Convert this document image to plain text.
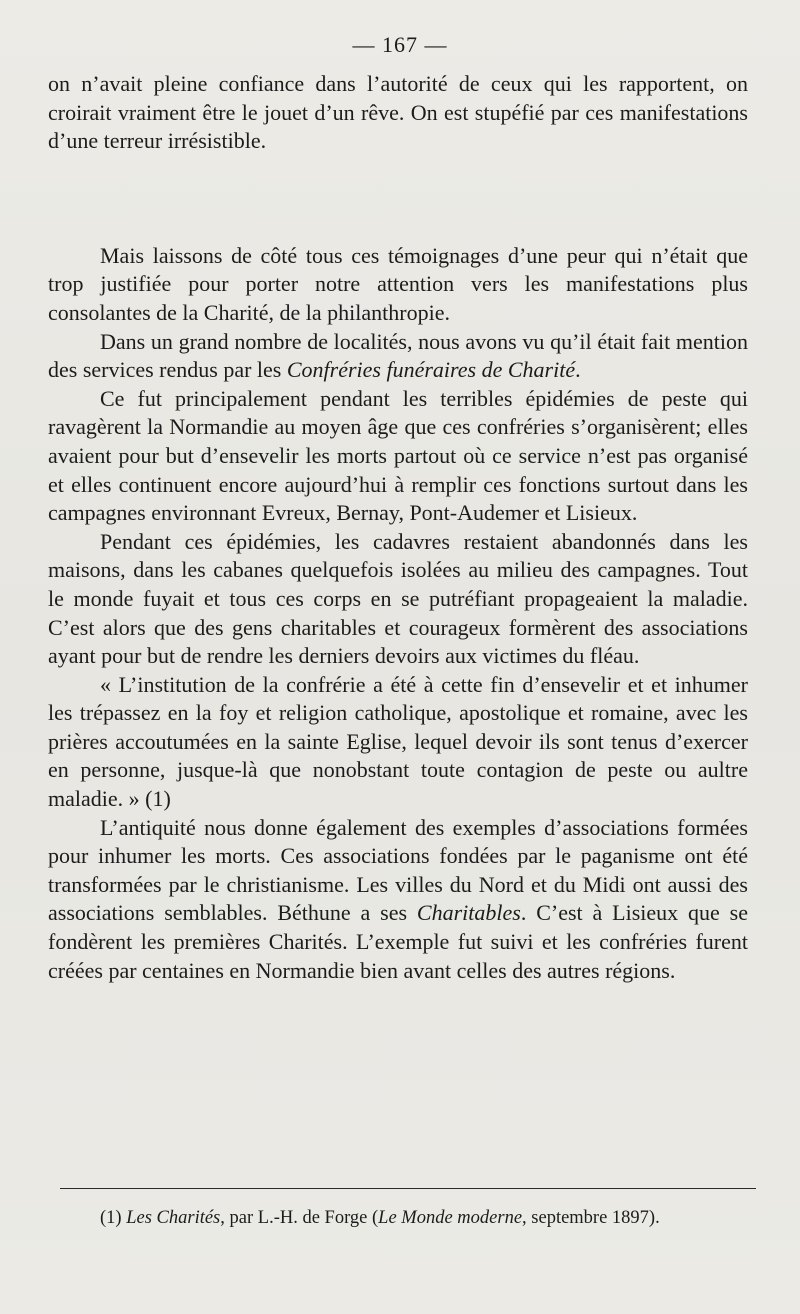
— 167 —

on n’avait pleine confiance dans l’autorité de ceux qui les rapportent, on croirait vraiment être le jouet d’un rêve. On est stupéfié par ces manifestations d’une terreur irrésistible.

Mais laissons de côté tous ces témoignages d’une peur qui n’était que trop justifiée pour porter notre attention vers les manifestations plus consolantes de la Charité, de la philanthropie.

Dans un grand nombre de localités, nous avons vu qu’il était fait mention des services rendus par les Confréries funéraires de Charité.

Ce fut principalement pendant les terribles épidémies de peste qui ravagèrent la Normandie au moyen âge que ces confréries s’organisèrent; elles avaient pour but d’ensevelir les morts partout où ce service n’est pas organisé et elles continuent encore aujourd’hui à remplir ces fonctions surtout dans les campagnes environnant Evreux, Bernay, Pont-Audemer et Lisieux.

Pendant ces épidémies, les cadavres restaient abandonnés dans les maisons, dans les cabanes quelquefois isolées au milieu des campagnes. Tout le monde fuyait et tous ces corps en se putréfiant propageaient la maladie. C’est alors que des gens charitables et courageux formèrent des associations ayant pour but de rendre les derniers devoirs aux victimes du fléau.

« L’institution de la confrérie a été à cette fin d’ensevelir et et inhumer les trépassez en la foy et religion catholique, apostolique et romaine, avec les prières accoutumées en la sainte Eglise, lequel devoir ils sont tenus d’exercer en personne, jusque-là que nonobstant toute contagion de peste ou aultre maladie. » (1)

L’antiquité nous donne également des exemples d’associations formées pour inhumer les morts. Ces associations fondées par le paganisme ont été transformées par le christianisme. Les villes du Nord et du Midi ont aussi des associations semblables. Béthune a ses Charitables. C’est à Lisieux que se fondèrent les premières Charités. L’exemple fut suivi et les confréries furent créées par centaines en Normandie bien avant celles des autres régions.

(1) Les Charités, par L.-H. de Forge (Le Monde moderne, septembre 1897).
